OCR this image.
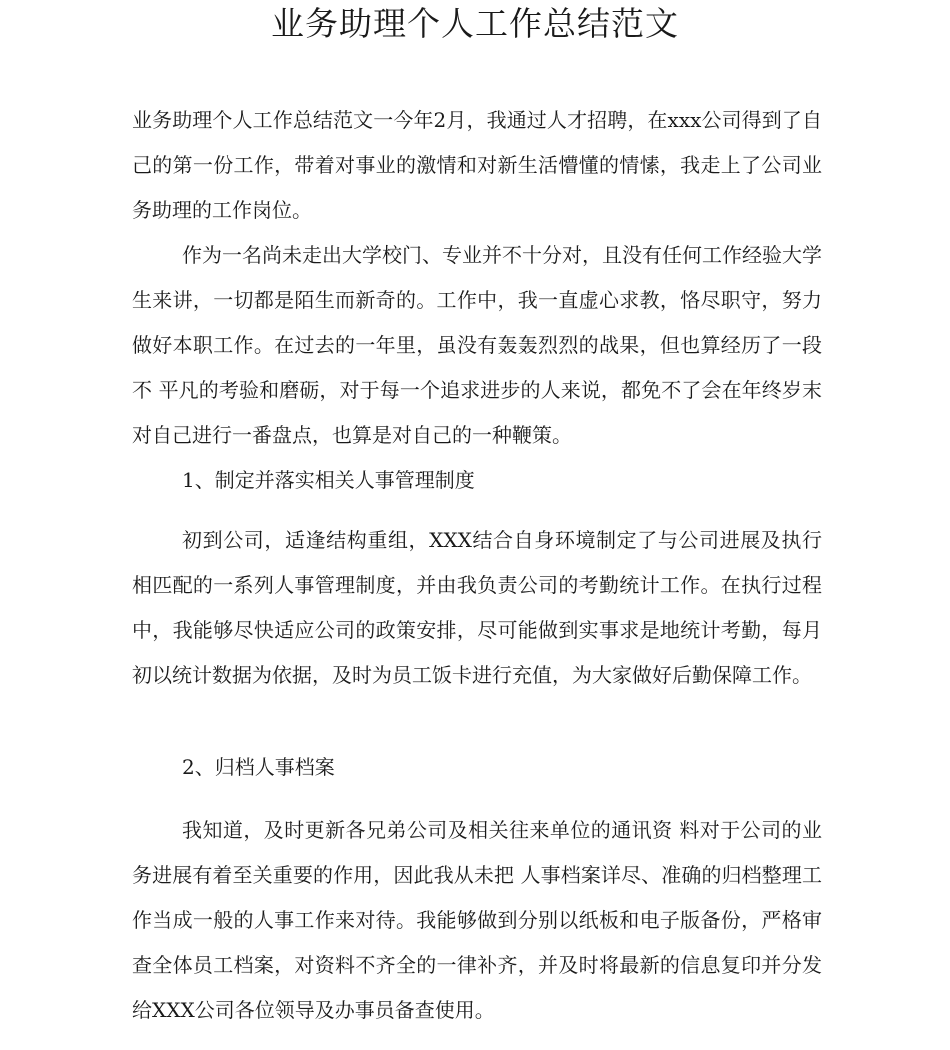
业务助理个人工作总结范文
业务助理个人工作总结范文一今年2月，我通过人才招聘，在xxx公司得到了自己的第一份工作，带着对事业的激情和对新生活懵懂的情愫，我走上了公司业务助理的工作岗位。
作为一名尚未走出大学校门、专业并不十分对，且没有任何工作经验大学生来讲，一切都是陌生而新奇的。工作中，我一直虚心求教，恪尽职守，努力做好本职工作。在过去的一年里，虽没有轰轰烈烈的战果，但也算经历了一段不 平凡的考验和磨砺，对于每一个追求进步的人来说，都免不了会在年终岁末对自己进行一番盘点，也算是对自己的一种鞭策。
1、制定并落实相关人事管理制度
初到公司，适逢结构重组，XXX结合自身环境制定了与公司进展及执行相匹配的一系列人事管理制度，并由我负责公司的考勤统计工作。在执行过程中，我能够尽快适应公司的政策安排，尽可能做到实事求是地统计考勤，每月初以统计数据为依据，及时为员工饭卡进行充值，为大家做好后勤保障工作。
2、归档人事档案
我知道，及时更新各兄弟公司及相关往来单位的通讯资 料对于公司的业务进展有着至关重要的作用，因此我从未把 人事档案详尽、准确的归档整理工作当成一般的人事工作来对待。我能够做到分别以纸板和电子版备份，严格审查全体员工档案，对资料不齐全的一律补齐，并及时将最新的信息复印并分发给XXX公司各位领导及办事员备查使用。
